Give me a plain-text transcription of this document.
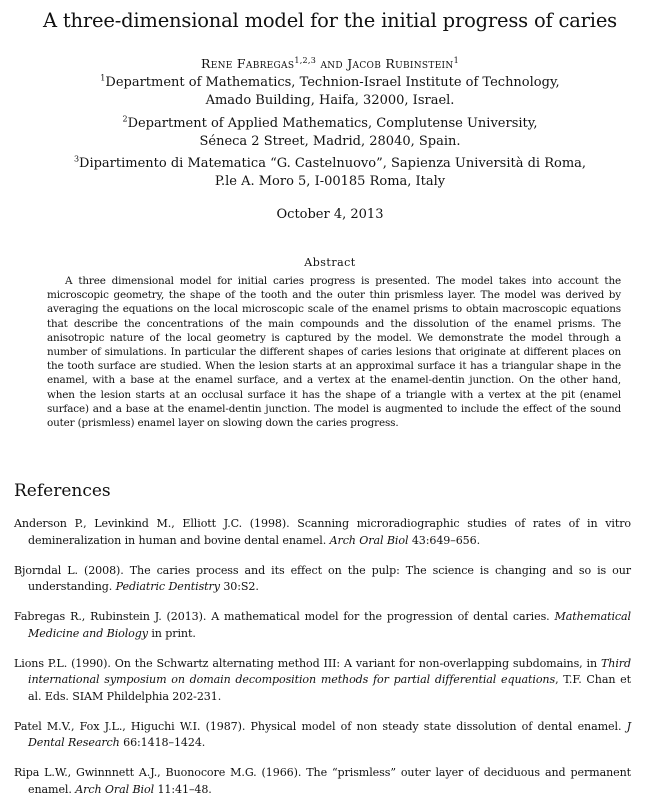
A three-dimensional model for the initial progress of caries
Rene Fabregas$^{1,2,3}$ and Jacob Rubinstein$^1$
$^1$Department of Mathematics, Technion-Israel Institute of Technology,
Amado Building, Haifa, 32000, Israel.
$^2$Department of Applied Mathematics, Complutense University,
Séneca 2 Street, Madrid, 28040, Spain.
$^3$Dipartimento di Matematica “G. Castelnuovo”, Sapienza Università di Roma,
P.le A. Moro 5, I-00185 Roma, Italy
October 4, 2013
Abstract
A three dimensional model for initial caries progress is presented. The model takes into account the microscopic geometry, the shape of the tooth and the outer thin prismless layer. The model was derived by averaging the equations on the local microscopic scale of the enamel prisms to obtain macroscopic equations that describe the concentrations of the main compounds and the dissolution of the enamel prisms. The anisotropic nature of the local geometry is captured by the model. We demonstrate the model through a number of simulations. In particular the different shapes of caries lesions that originate at different places on the tooth surface are studied. When the lesion starts at an approximal surface it has a triangular shape in the enamel, with a base at the enamel surface, and a vertex at the enamel-dentin junction. On the other hand, when the lesion starts at an occlusal surface it has the shape of a triangle with a vertex at the pit (enamel surface) and a base at the enamel-dentin junction. The model is augmented to include the effect of the sound outer (prismless) enamel layer on slowing down the caries progress.
References
Anderson P., Levinkind M., Elliott J.C. (1998). Scanning microradiographic studies of rates of in vitro demineralization in human and bovine dental enamel. Arch Oral Biol 43:649–656.
Bjorndal L. (2008). The caries process and its effect on the pulp: The science is changing and so is our understanding. Pediatric Dentistry 30:S2.
Fabregas R., Rubinstein J. (2013). A mathematical model for the progression of dental caries. Mathematical Medicine and Biology in print.
Lions P.L. (1990). On the Schwartz alternating method III: A variant for non-overlapping subdomains, in Third international symposium on domain decomposition methods for partial differential equations, T.F. Chan et al. Eds. SIAM Phildelphia 202-231.
Patel M.V., Fox J.L., Higuchi W.I. (1987). Physical model of non steady state dissolution of dental enamel. J Dental Research 66:1418–1424.
Ripa L.W., Gwinnnett A.J., Buonocore M.G. (1966). The “prismless” outer layer of deciduous and permanent enamel. Arch Oral Biol 11:41–48.
